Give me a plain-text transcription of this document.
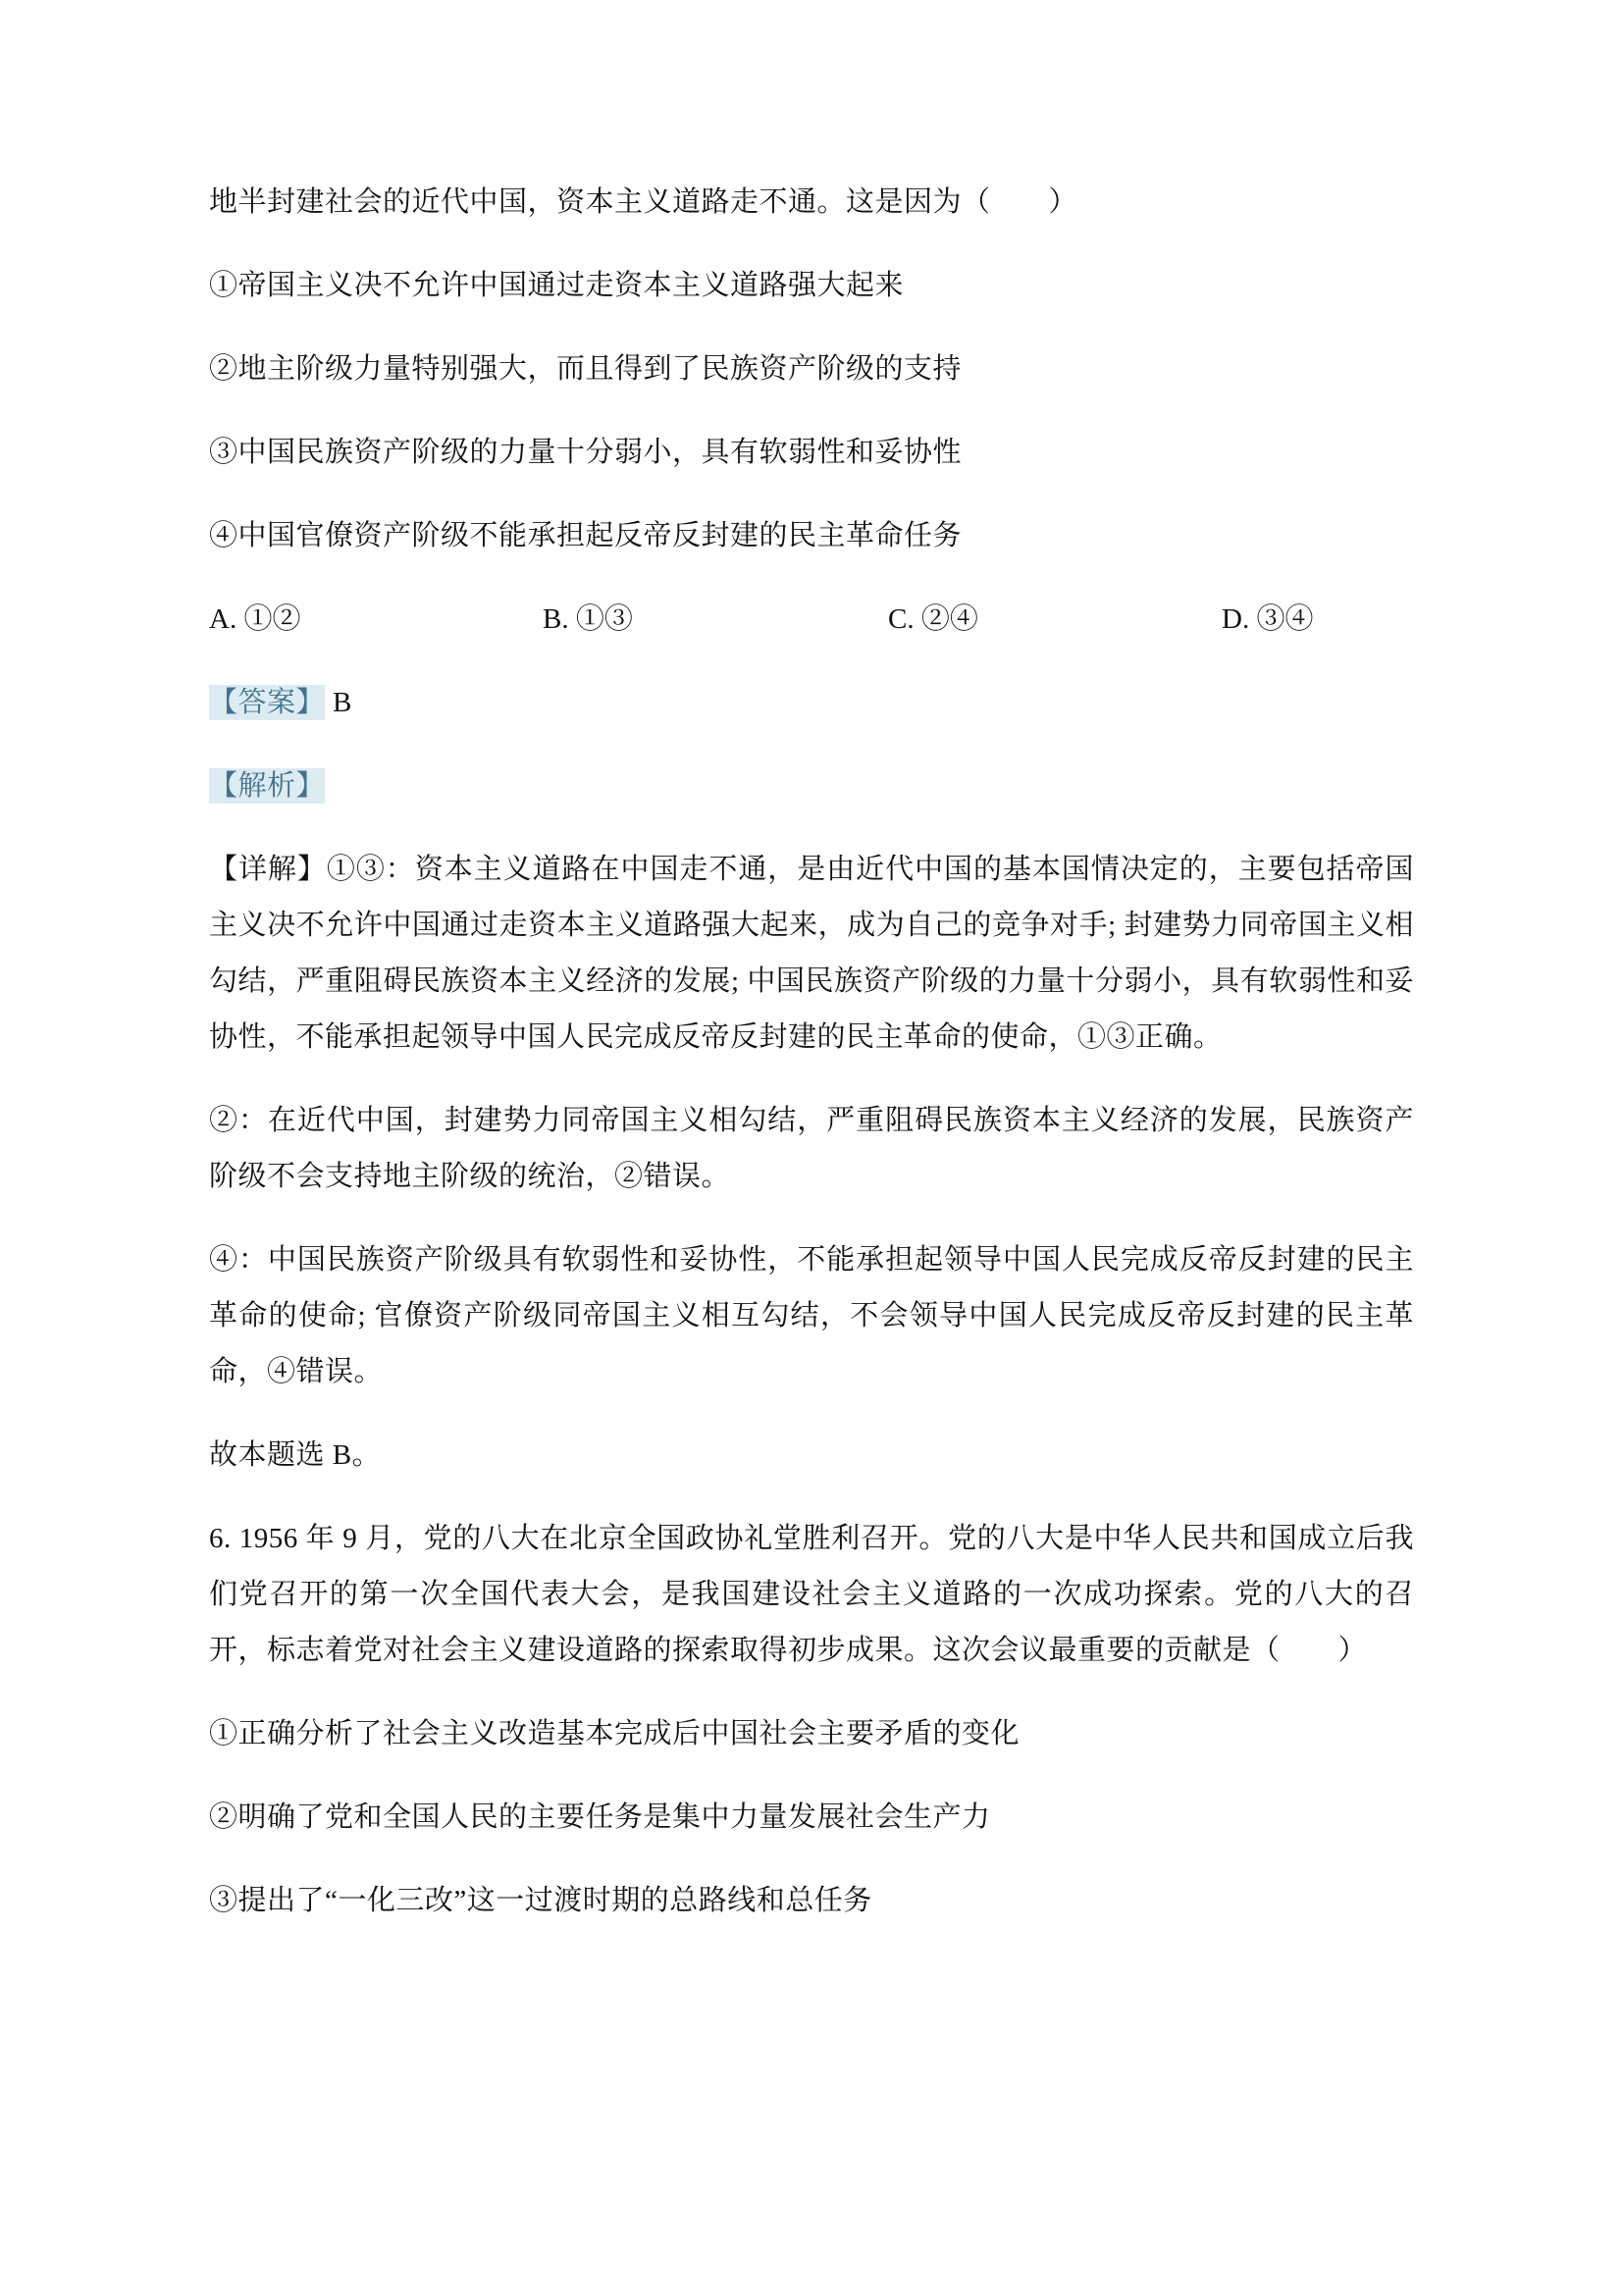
地半封建社会的近代中国，资本主义道路走不通。这是因为（　　）

①帝国主义决不允许中国通过走资本主义道路强大起来

②地主阶级力量特别强大，而且得到了民族资产阶级的支持

③中国民族资产阶级的力量十分弱小，具有软弱性和妥协性

④中国官僚资产阶级不能承担起反帝反封建的民主革命任务

A. ①②	B. ①③	C. ②④	D. ③④

【答案】 B

【解析】

【详解】①③：资本主义道路在中国走不通，是由近代中国的基本国情决定的，主要包括帝国主义决不允许中国通过走资本主义道路强大起来，成为自己的竞争对手; 封建势力同帝国主义相勾结，严重阻碍民族资本主义经济的发展; 中国民族资产阶级的力量十分弱小，具有软弱性和妥协性，不能承担起领导中国人民完成反帝反封建的民主革命的使命，①③正确。

②：在近代中国，封建势力同帝国主义相勾结，严重阻碍民族资本主义经济的发展，民族资产阶级不会支持地主阶级的统治，②错误。

④：中国民族资产阶级具有软弱性和妥协性，不能承担起领导中国人民完成反帝反封建的民主革命的使命; 官僚资产阶级同帝国主义相互勾结，不会领导中国人民完成反帝反封建的民主革命，④错误。

故本题选 B。

6. 1956 年 9 月，党的八大在北京全国政协礼堂胜利召开。党的八大是中华人民共和国成立后我们党召开的第一次全国代表大会，是我国建设社会主义道路的一次成功探索。党的八大的召开，标志着党对社会主义建设道路的探索取得初步成果。这次会议最重要的贡献是（　　）

①正确分析了社会主义改造基本完成后中国社会主要矛盾的变化

②明确了党和全国人民的主要任务是集中力量发展社会生产力

③提出了“一化三改”这一过渡时期的总路线和总任务
